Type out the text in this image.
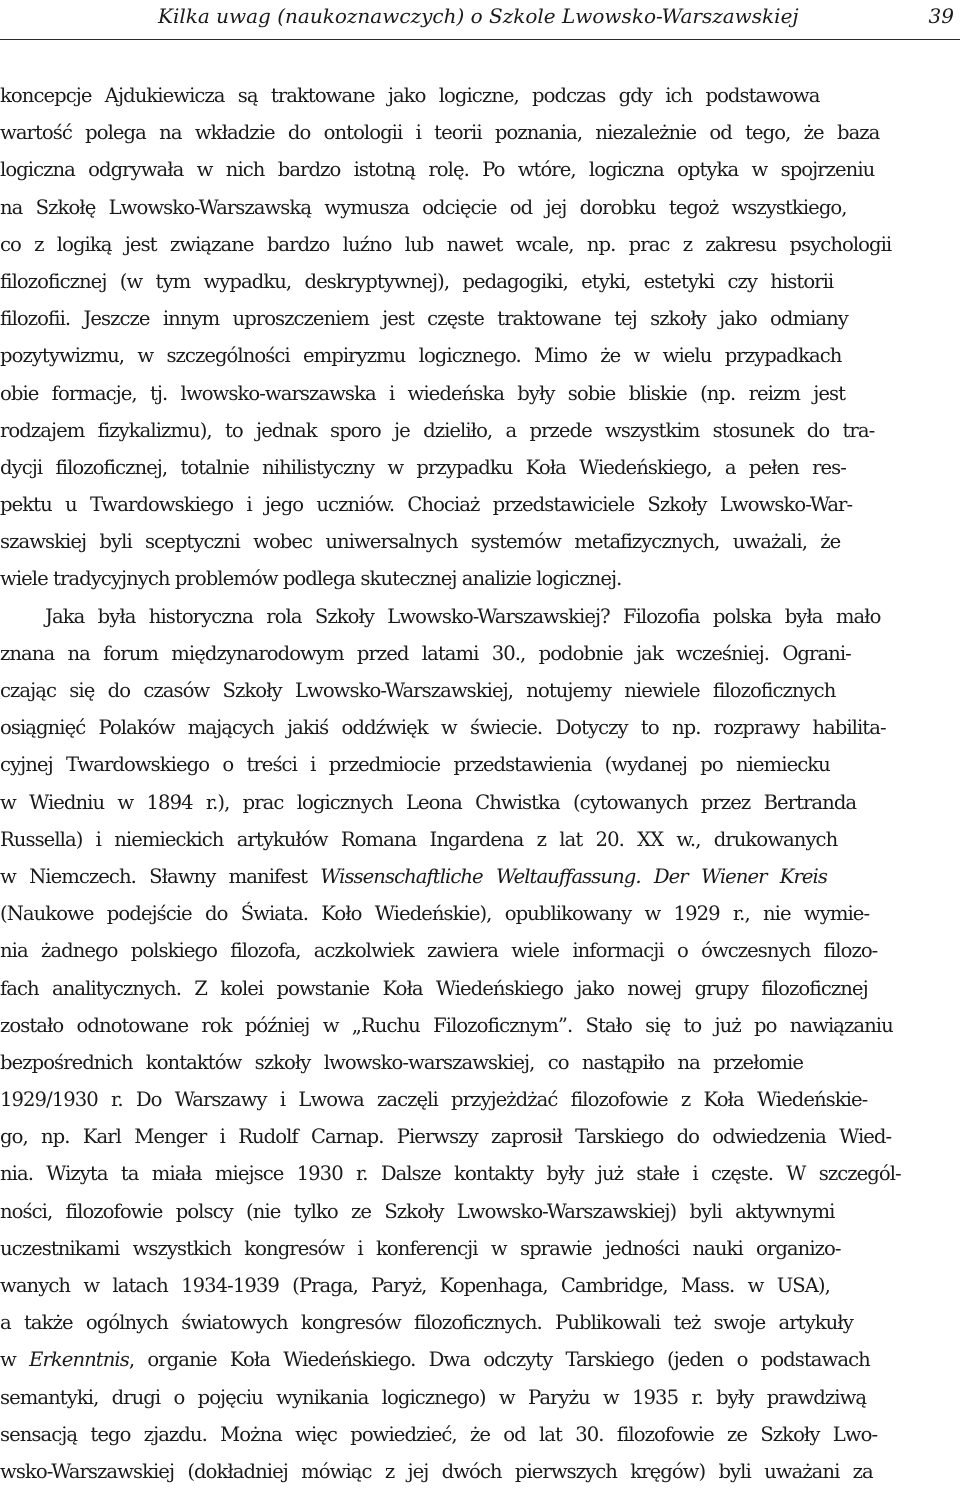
Kilka uwag (naukoznawczych) o Szkole Lwowsko-Warszawskiej	39
koncepcje Ajdukiewicza są traktowane jako logiczne, podczas gdy ich podstawowa
wartość polega na wkładzie do ontologii i teorii poznania, niezależnie od tego, że baza
logiczna odgrywała w nich bardzo istotną rolę. Po wtóre, logiczna optyka w spojrzeniu
na Szkołę Lwowsko-Warszawską wymusza odcięcie od jej dorobku tegoż wszystkiego,
co z logiką jest związane bardzo luźno lub nawet wcale, np. prac z zakresu psychologii
filozoficznej (w tym wypadku, deskryptywnej), pedagogiki, etyki, estetyki czy historii
filozofii. Jeszcze innym uproszczeniem jest częste traktowane tej szkoły jako odmiany
pozytywizmu, w szczególności empiryzmu logicznego. Mimo że w wielu przypadkach
obie formacje, tj. lwowsko-warszawska i wiedeńska były sobie bliskie (np. reizm jest
rodzajem fizykalizmu), to jednak sporo je dzieliło, a przede wszystkim stosunek do tra-
dycji filozoficznej, totalnie nihilistyczny w przypadku Koła Wiedeńskiego, a pełen res-
pektu u Twardowskiego i jego uczniów. Chociaż przedstawiciele Szkoły Lwowsko-War-
szawskiej byli sceptyczni wobec uniwersalnych systemów metafizycznych, uważali, że
wiele tradycyjnych problemów podlega skutecznej analizie logicznej.
Jaka była historyczna rola Szkoły Lwowsko-Warszawskiej? Filozofia polska była mało
znana na forum międzynarodowym przed latami 30., podobnie jak wcześniej. Ograni-
czając się do czasów Szkoły Lwowsko-Warszawskiej, notujemy niewiele filozoficznych
osiągnięć Polaków mających jakiś oddźwięk w świecie. Dotyczy to np. rozprawy habilita-
cyjnej Twardowskiego o treści i przedmiocie przedstawienia (wydanej po niemiecku
w Wiedniu w 1894 r.), prac logicznych Leona Chwistka (cytowanych przez Bertranda
Russella) i niemieckich artykułów Romana Ingardena z lat 20. XX w., drukowanych
w Niemczech. Sławny manifest Wissenschaftliche Weltauffassung. Der Wiener Kreis
(Naukowe podejście do Świata. Koło Wiedeńskie), opublikowany w 1929 r., nie wymie-
nia żadnego polskiego filozofa, aczkolwiek zawiera wiele informacji o ówczesnych filozo-
fach analitycznych. Z kolei powstanie Koła Wiedeńskiego jako nowej grupy filozoficznej
zostało odnotowane rok później w „Ruchu Filozoficznym”. Stało się to już po nawiązaniu
bezpośrednich kontaktów szkoły lwowsko-warszawskiej, co nastąpiło na przełomie
1929/1930 r. Do Warszawy i Lwowa zaczęli przyjeżdżać filozofowie z Koła Wiedeńskie-
go, np. Karl Menger i Rudolf Carnap. Pierwszy zaprosił Tarskiego do odwiedzenia Wied-
nia. Wizyta ta miała miejsce 1930 r. Dalsze kontakty były już stałe i częste. W szczegól-
ności, filozofowie polscy (nie tylko ze Szkoły Lwowsko-Warszawskiej) byli aktywnymi
uczestnikami wszystkich kongresów i konferencji w sprawie jedności nauki organizo-
wanych w latach 1934-1939 (Praga, Paryż, Kopenhaga, Cambridge, Mass. w USA),
a także ogólnych światowych kongresów filozoficznych. Publikowali też swoje artykuły
w Erkenntnis, organie Koła Wiedeńskiego. Dwa odczyty Tarskiego (jeden o podstawach
semantyki, drugi o pojęciu wynikania logicznego) w Paryżu w 1935 r. były prawdziwą
sensacją tego zjazdu. Można więc powiedzieć, że od lat 30. filozofowie ze Szkoły Lwo-
wsko-Warszawskiej (dokładniej mówiąc z jej dwóch pierwszych kręgów) byli uważani za
